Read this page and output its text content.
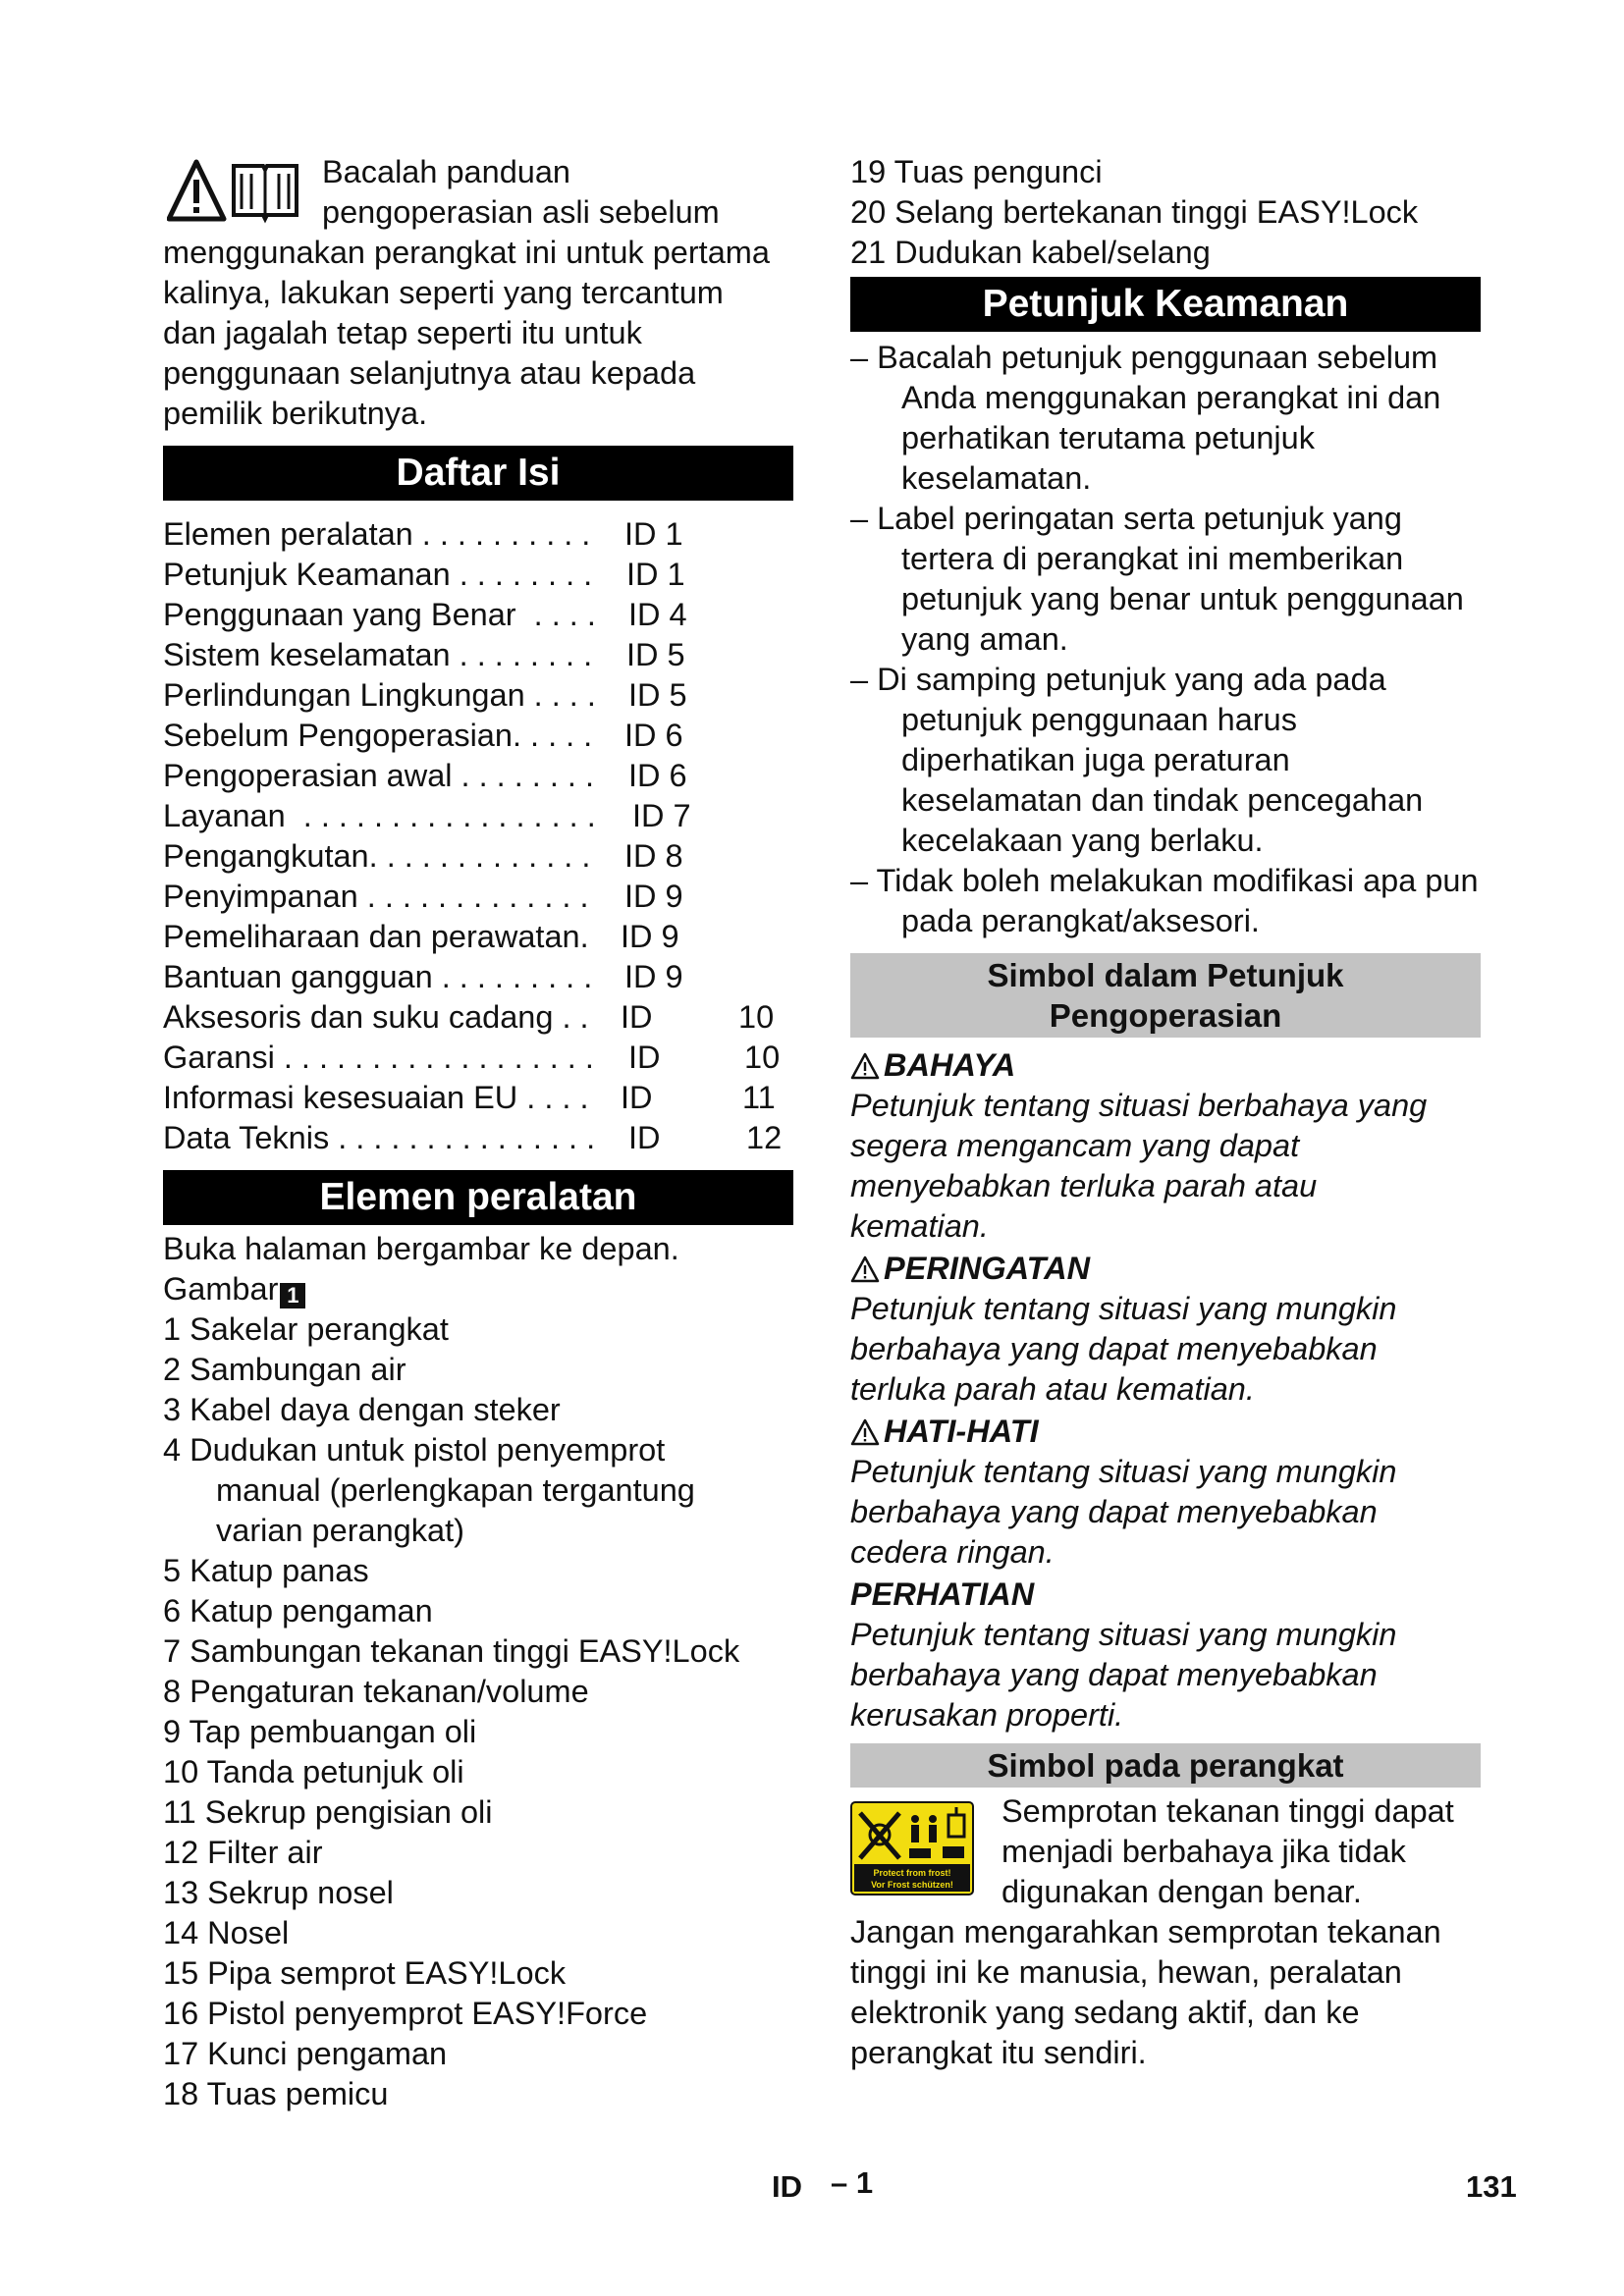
Bacalah panduan
pengoperasian asli sebelum
menggunakan perangkat ini untuk pertama
kalinya, lakukan seperti yang tercantum
dan jagalah tetap seperti itu untuk
penggunaan selanjutnya atau kepada
pemilik berikutnya.
Daftar Isi
Elemen peralatan . . . . . . . . . . ID 1
Petunjuk Keamanan . . . . . . . . ID 1
Penggunaan yang Benar  . . . . ID 4
Sistem keselamatan . . . . . . . . ID 5
Perlindungan Lingkungan . . . . ID 5
Sebelum Pengoperasian. . . . . ID 6
Pengoperasian awal . . . . . . . . ID 6
Layanan  . . . . . . . . . . . . . . . . . ID 7
Pengangkutan. . . . . . . . . . . . . ID 8
Penyimpanan . . . . . . . . . . . . . ID 9
Pemeliharaan dan perawatan. ID 9
Bantuan gangguan . . . . . . . . . ID 9
Aksesoris dan suku cadang . . ID	10
Garansi . . . . . . . . . . . . . . . . . . ID	10
Informasi kesesuaian EU . . . . ID	11
Data Teknis . . . . . . . . . . . . . . . ID	12
Elemen peralatan
Buka halaman bergambar ke depan.
Gambar 1
1 Sakelar perangkat
2 Sambungan air
3 Kabel daya dengan steker
4 Dudukan untuk pistol penyemprot manual (perlengkapan tergantung varian perangkat)
5 Katup panas
6 Katup pengaman
7 Sambungan tekanan tinggi EASY!Lock
8 Pengaturan tekanan/volume
9 Tap pembuangan oli
10 Tanda petunjuk oli
11 Sekrup pengisian oli
12 Filter air
13 Sekrup nosel
14 Nosel
15 Pipa semprot EASY!Lock
16 Pistol penyemprot EASY!Force
17 Kunci pengaman
18 Tuas pemicu
19 Tuas pengunci
20 Selang bertekanan tinggi EASY!Lock
21 Dudukan kabel/selang
Petunjuk Keamanan
– Bacalah petunjuk penggunaan sebelum Anda menggunakan perangkat ini dan perhatikan terutama petunjuk keselamatan.
– Label peringatan serta petunjuk yang tertera di perangkat ini memberikan petunjuk yang benar untuk penggunaan yang aman.
– Di samping petunjuk yang ada pada petunjuk penggunaan harus diperhatikan juga peraturan keselamatan dan tindak pencegahan kecelakaan yang berlaku.
– Tidak boleh melakukan modifikasi apa pun pada perangkat/aksesori.
Simbol dalam Petunjuk Pengoperasian
BAHAYA
Petunjuk tentang situasi berbahaya yang segera mengancam yang dapat menyebabkan terluka parah atau kematian.
PERINGATAN
Petunjuk tentang situasi yang mungkin berbahaya yang dapat menyebabkan terluka parah atau kematian.
HATI-HATI
Petunjuk tentang situasi yang mungkin berbahaya yang dapat menyebabkan cedera ringan.
PERHATIAN
Petunjuk tentang situasi yang mungkin berbahaya yang dapat menyebabkan kerusakan properti.
Simbol pada perangkat
Protect from frost!
Vor Frost schützen!
Semprotan tekanan tinggi dapat menjadi berbahaya jika tidak digunakan dengan benar.
Jangan mengarahkan semprotan tekanan tinggi ini ke manusia, hewan, peralatan elektronik yang sedang aktif, dan ke perangkat itu sendiri.
ID – 1	131
